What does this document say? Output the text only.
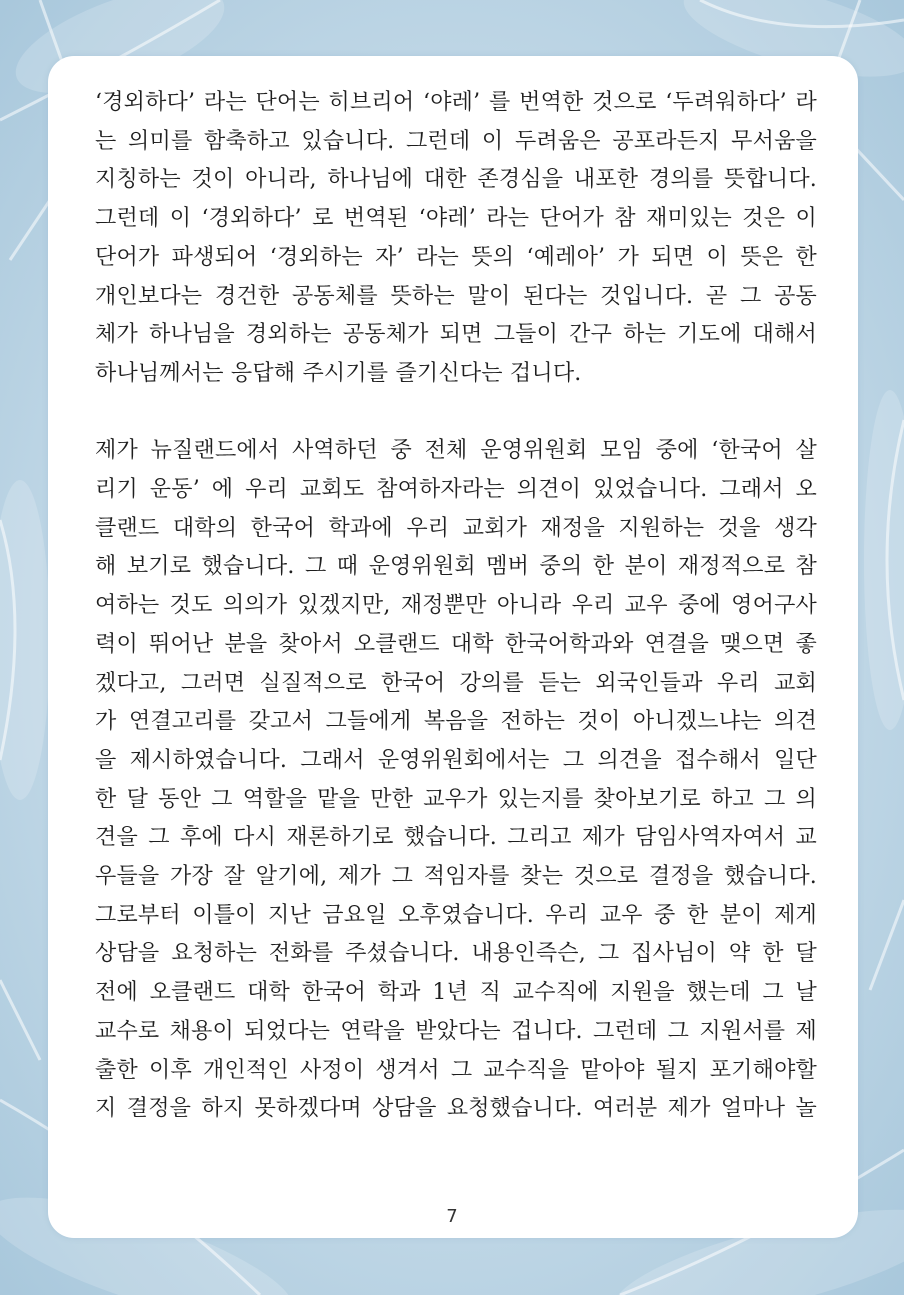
‘경외하다’ 라는 단어는 히브리어 ‘야레’ 를 번역한 것으로 ‘두려워하다’ 라
는 의미를 함축하고 있습니다. 그런데 이 두려움은 공포라든지 무서움을
지칭하는 것이 아니라, 하나님에 대한 존경심을 내포한 경의를 뜻합니다.
그런데 이 ‘경외하다’ 로 번역된 ‘야레’ 라는 단어가 참 재미있는 것은 이
단어가 파생되어 ‘경외하는 자’ 라는 뜻의 ‘예레아’ 가 되면 이 뜻은 한
개인보다는 경건한 공동체를 뜻하는 말이 된다는 것입니다. 곧 그 공동
체가 하나님을 경외하는 공동체가 되면 그들이 간구 하는 기도에 대해서
하나님께서는 응답해 주시기를 즐기신다는 겁니다.

제가 뉴질랜드에서 사역하던 중 전체 운영위원회 모임 중에 ‘한국어 살
리기 운동’ 에 우리 교회도 참여하자라는 의견이 있었습니다. 그래서 오
클랜드 대학의 한국어 학과에 우리 교회가 재정을 지원하는 것을 생각
해 보기로 했습니다. 그 때 운영위원회 멤버 중의 한 분이 재정적으로 참
여하는 것도 의의가 있겠지만, 재정뿐만 아니라 우리 교우 중에 영어구사
력이 뛰어난 분을 찾아서 오클랜드 대학 한국어학과와 연결을 맺으면 좋
겠다고, 그러면 실질적으로 한국어 강의를 듣는 외국인들과 우리 교회
가 연결고리를 갖고서 그들에게 복음을 전하는 것이 아니겠느냐는 의견
을 제시하였습니다. 그래서 운영위원회에서는 그 의견을 접수해서 일단
한 달 동안 그 역할을 맡을 만한 교우가 있는지를 찾아보기로 하고 그 의
견을 그 후에 다시 재론하기로 했습니다. 그리고 제가 담임사역자여서 교
우들을 가장 잘 알기에, 제가 그 적임자를 찾는 것으로 결정을 했습니다.
그로부터 이틀이 지난 금요일 오후였습니다. 우리 교우 중 한 분이 제게
상담을 요청하는 전화를 주셨습니다. 내용인즉슨, 그 집사님이 약 한 달
전에 오클랜드 대학 한국어 학과 1년 직 교수직에 지원을 했는데 그 날
교수로 채용이 되었다는 연락을 받았다는 겁니다. 그런데 그 지원서를 제
출한 이후 개인적인 사정이 생겨서 그 교수직을 맡아야 될지 포기해야할
지 결정을 하지 못하겠다며 상담을 요청했습니다. 여러분 제가 얼마나 놀

7
